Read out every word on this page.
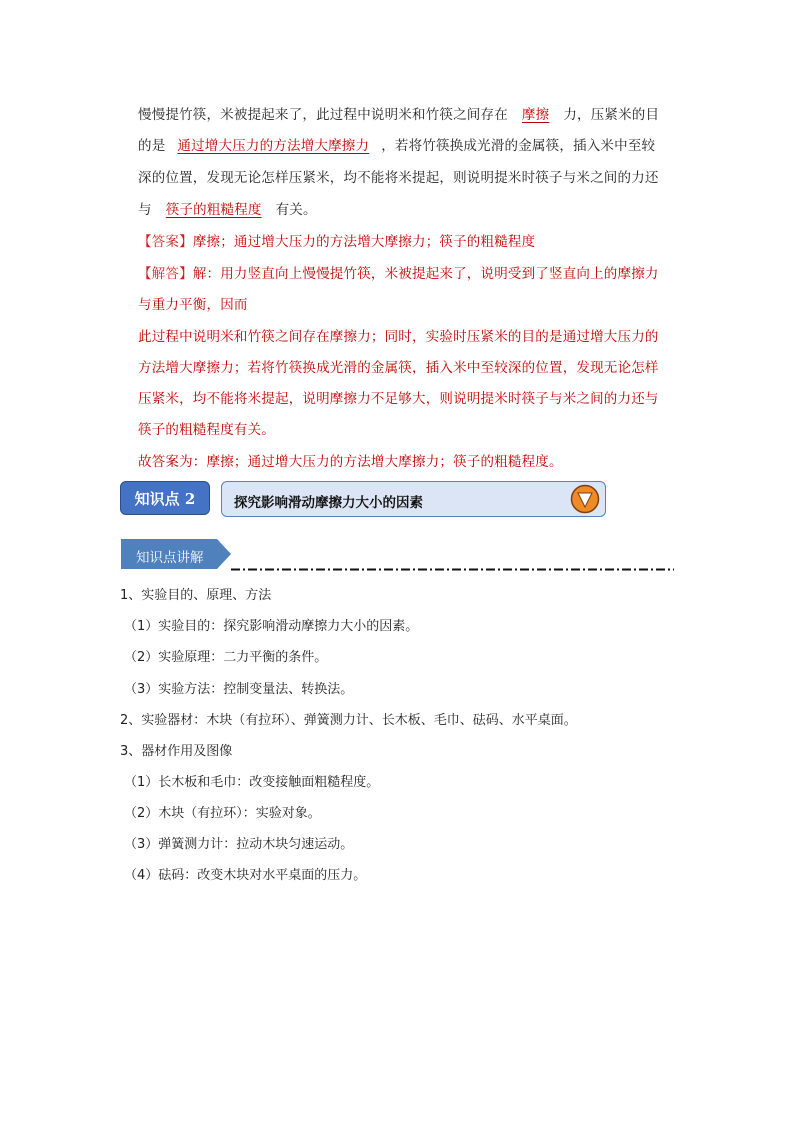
慢慢提竹筷，米被提起来了，此过程中说明米和竹筷之间存在 摩擦 力，压紧米的目
的是 通过增大压力的方法增大摩擦力 ，若将竹筷换成光滑的金属筷，插入米中至较
深的位置，发现无论怎样压紧米，均不能将米提起，则说明提米时筷子与米之间的力还
与 筷子的粗糙程度 有关。
【答案】摩擦；通过增大压力的方法增大摩擦力；筷子的粗糙程度
【解答】解：用力竖直向上慢慢提竹筷，米被提起来了，说明受到了竖直向上的摩擦力
与重力平衡，因而
此过程中说明米和竹筷之间存在摩擦力；同时，实验时压紧米的目的是通过增大压力的
方法增大摩擦力；若将竹筷换成光滑的金属筷，插入米中至较深的位置，发现无论怎样
压紧米，均不能将米提起，说明摩擦力不足够大，则说明提米时筷子与米之间的力还与
筷子的粗糙程度有关。
故答案为：摩擦；通过增大压力的方法增大摩擦力；筷子的粗糙程度。
知识点 2	探究影响滑动摩擦力大小的因素
知识点讲解
1、实验目的、原理、方法
（1）实验目的：探究影响滑动摩擦力大小的因素。
（2）实验原理：二力平衡的条件。
（3）实验方法：控制变量法、转换法。
2、实验器材：木块（有拉环）、弹簧测力计、长木板、毛巾、砝码、水平桌面。
3、器材作用及图像
（1）长木板和毛巾：改变接触面粗糙程度。
（2）木块（有拉环）：实验对象。
（3）弹簧测力计：拉动木块匀速运动。
（4）砝码：改变木块对水平桌面的压力。
